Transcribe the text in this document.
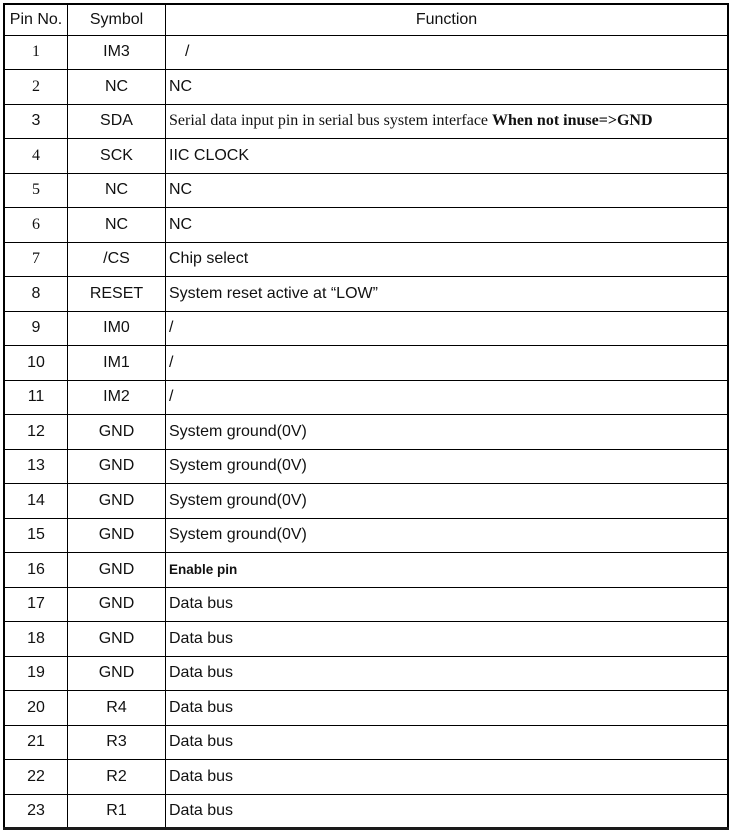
Pin No.	Symbol	Function
1	IM3	/
2	NC	NC
3	SDA	Serial data input pin in serial bus system interface When not inuse=>GND
4	SCK	IIC CLOCK
5	NC	NC
6	NC	NC
7	/CS	Chip select
8	RESET	System reset active at “LOW”
9	IM0	/
10	IM1	/
11	IM2	/
12	GND	System ground(0V)
13	GND	System ground(0V)
14	GND	System ground(0V)
15	GND	System ground(0V)
16	GND	Enable pin
17	GND	Data bus
18	GND	Data bus
19	GND	Data bus
20	R4	Data bus
21	R3	Data bus
22	R2	Data bus
23	R1	Data bus
